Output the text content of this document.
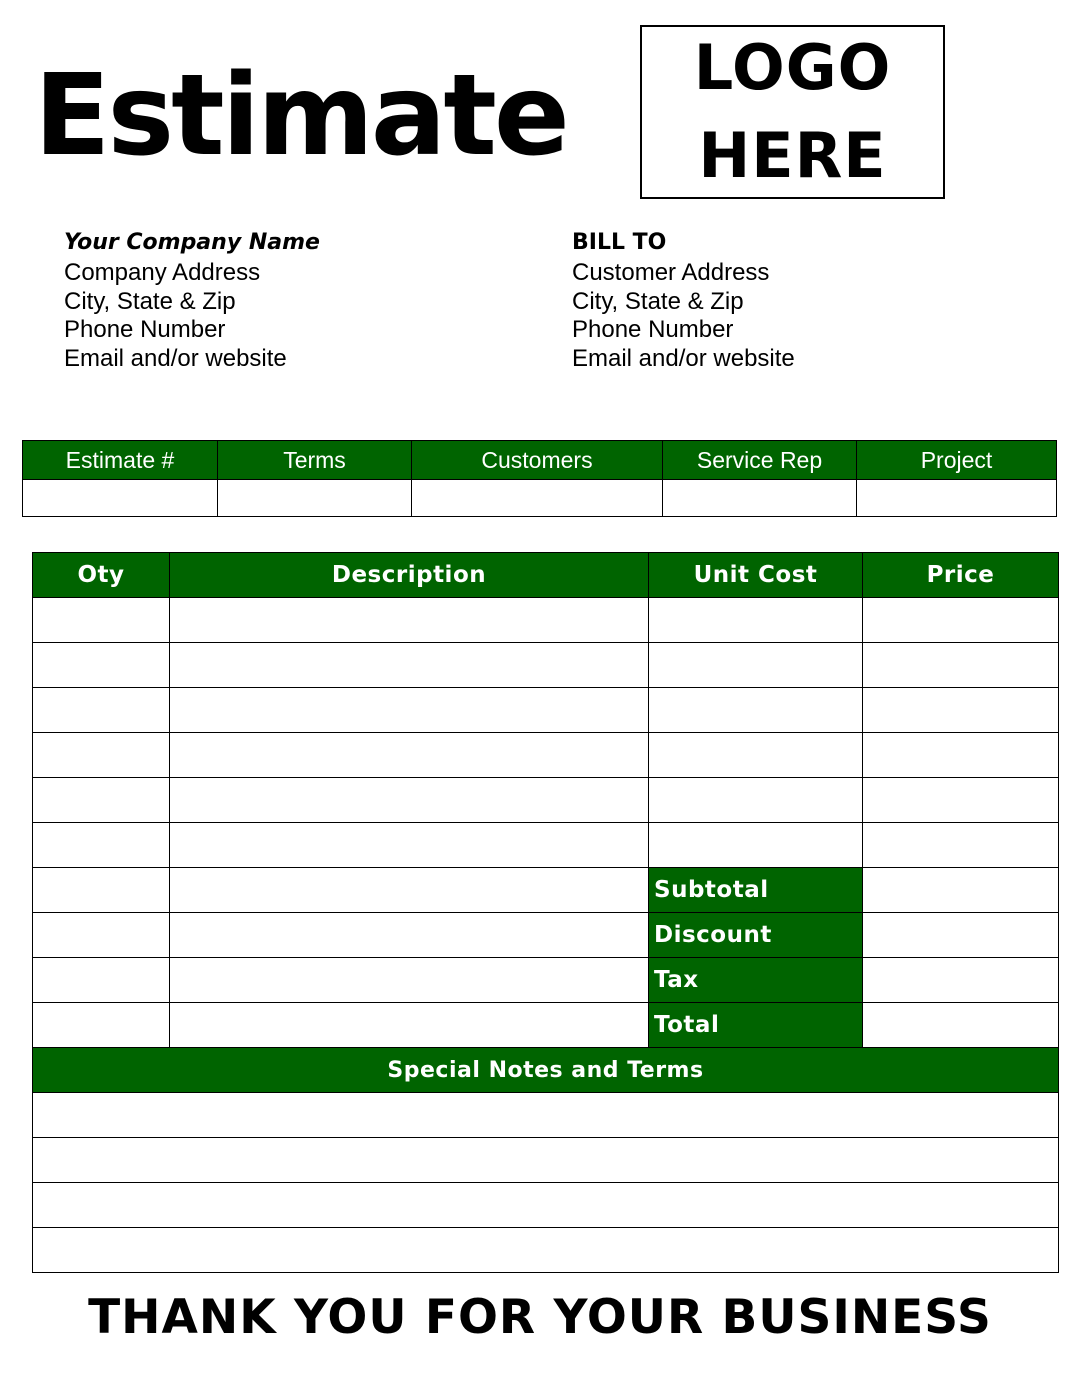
Estimate LOGO
HERE
Your Company Name
Company Address
City, State & Zip
Phone Number
Email and/or website
BILL TO
Customer Address
City, State & Zip
Phone Number
Email and/or website
Estimate #	Terms	Customers	Service Rep	Project

Oty	Description	Unit Cost	Price

		Subtotal	
		Discount	
		Tax	
		Total	
Special Notes and Terms			

THANK YOU FOR YOUR BUSINESS
